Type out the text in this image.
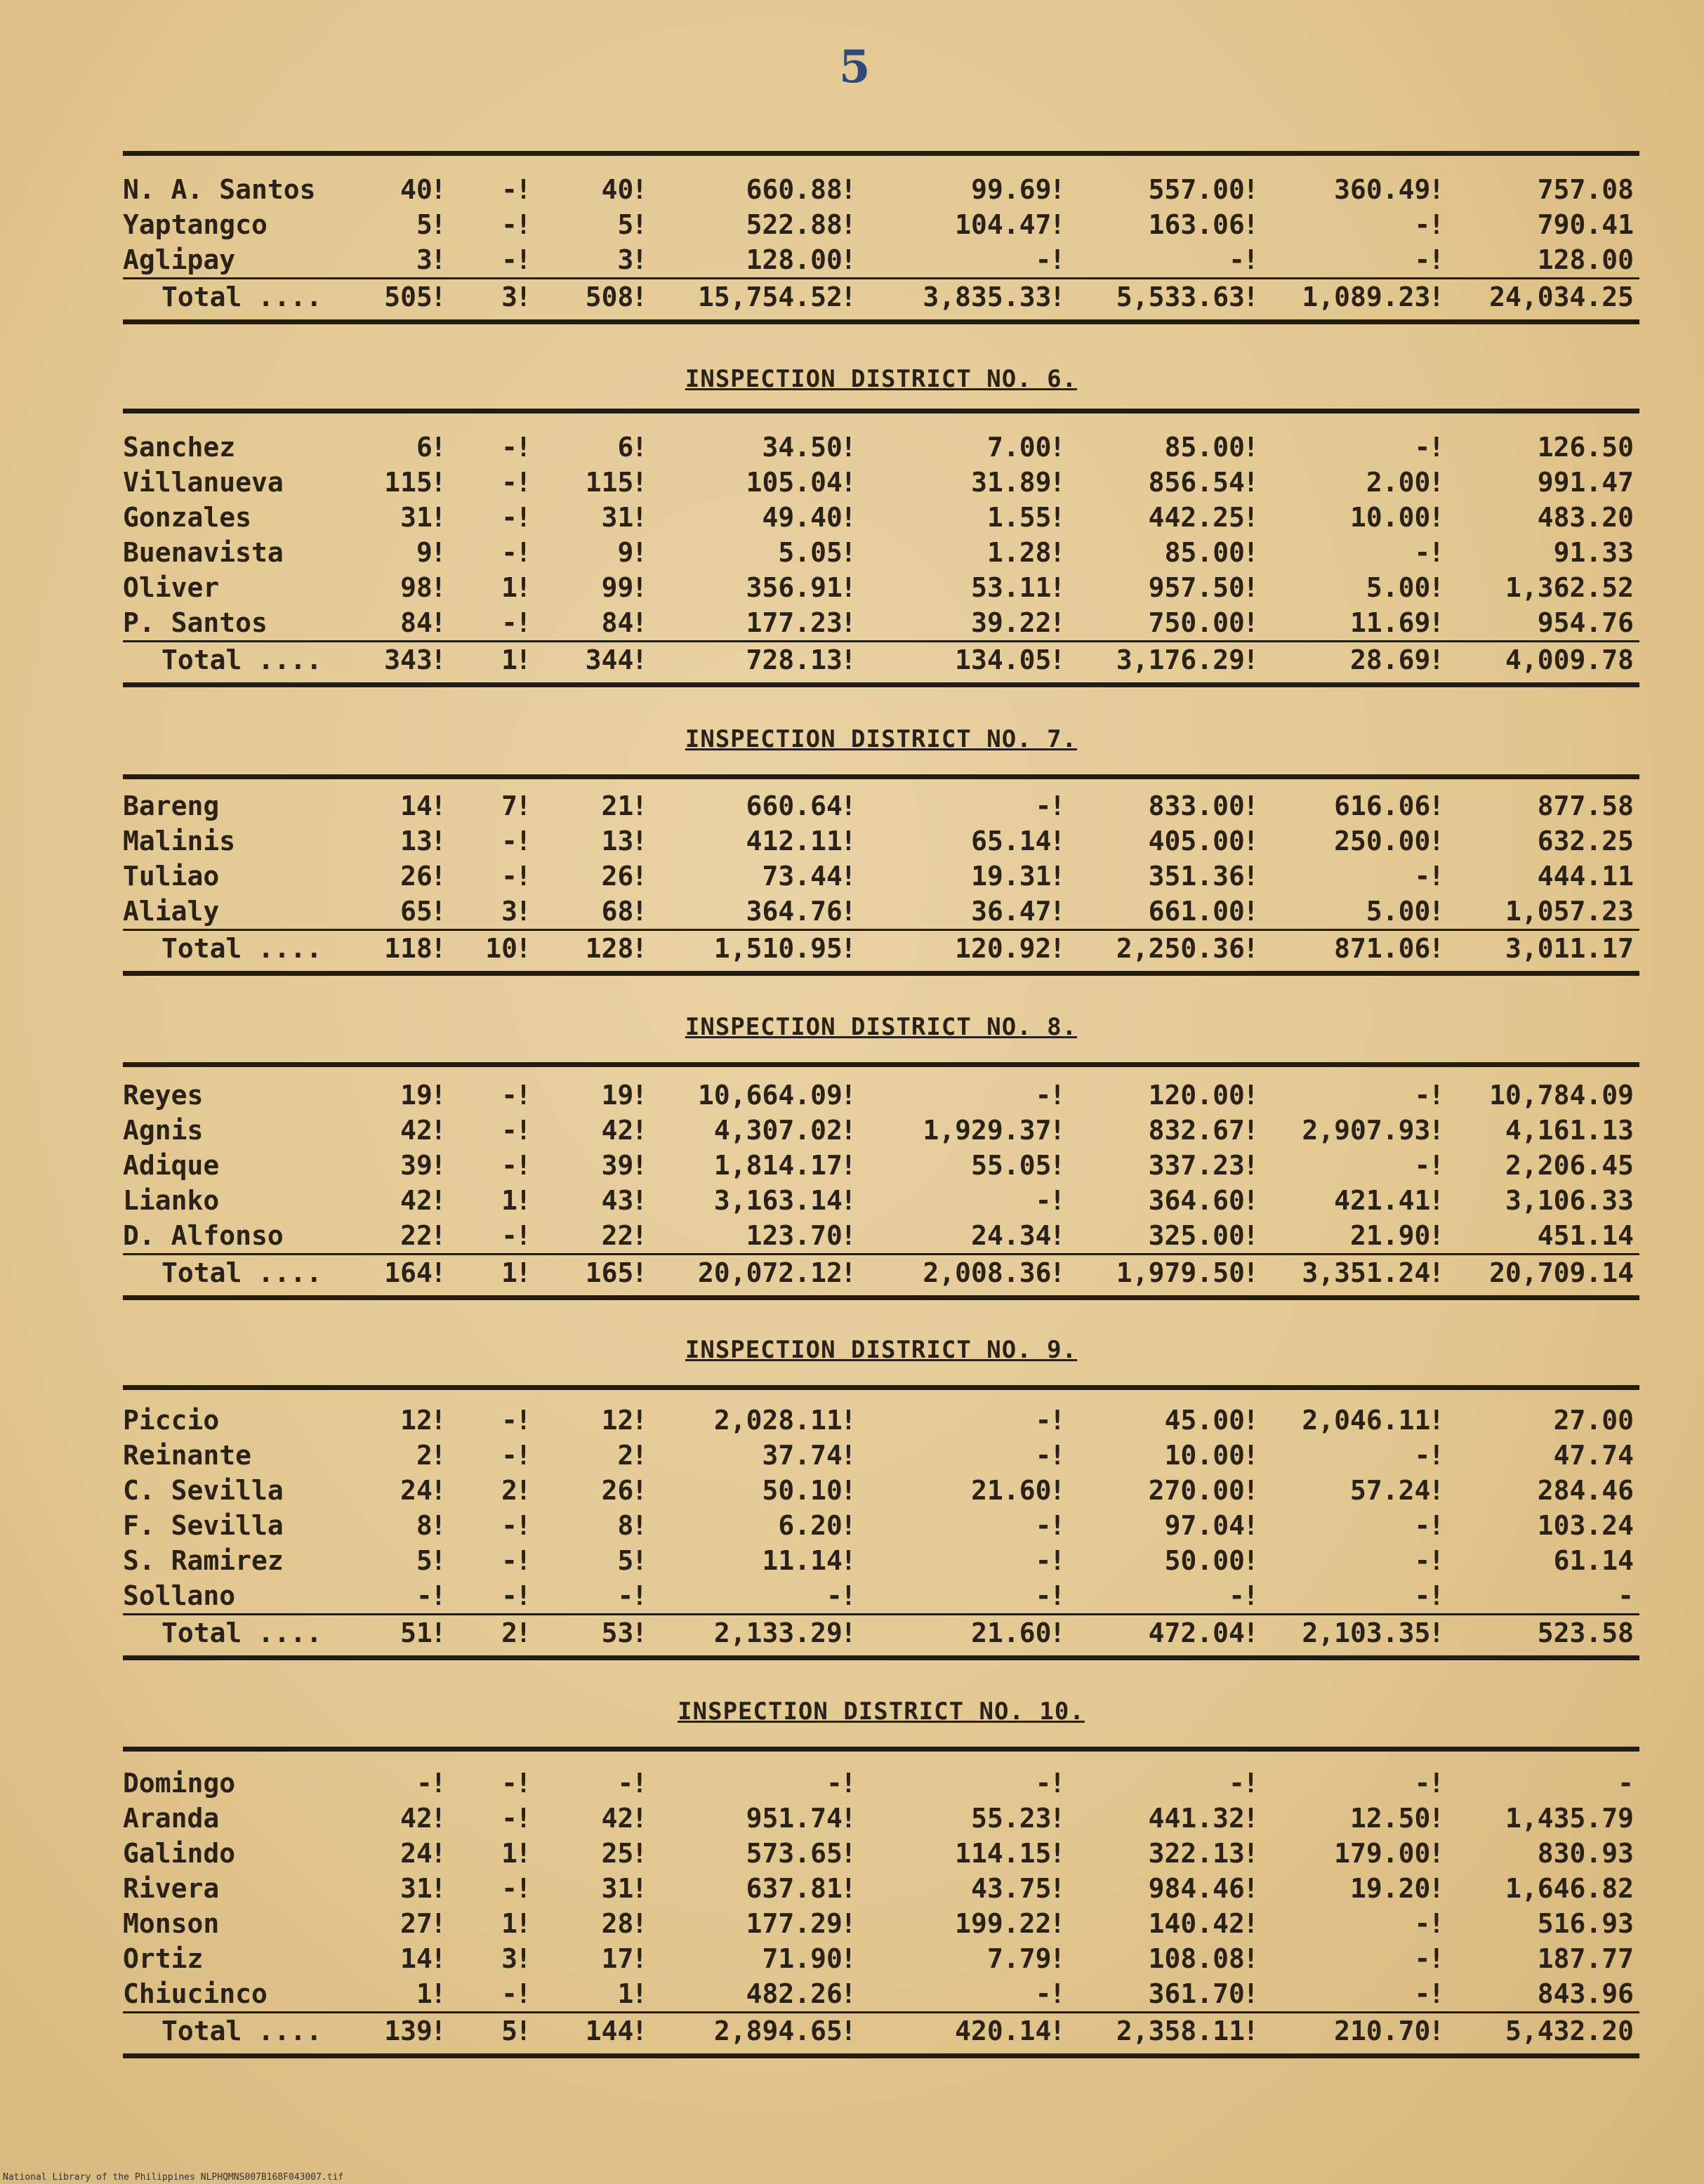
5
N. A. Santos	40 !	- !	40 !	660.88 !	99.69 !	557.00 !	360.49 !	757.08
Yaptangco	5 !	- !	5 !	522.88 !	104.47 !	163.06 !	- !	790.41
Aglipay	3 !	- !	3 !	128.00 !	- !	- !	- !	128.00
Total ....	505 !	3 !	508 !	15,754.52 !	3,835.33 !	5,533.63 !	1,089.23 !	24,034.25
INSPECTION DISTRICT NO. 6.
Sanchez	6 !	- !	6 !	34.50 !	7.00 !	85.00 !	- !	126.50
Villanueva	115 !	- !	115 !	105.04 !	31.89 !	856.54 !	2.00 !	991.47
Gonzales	31 !	- !	31 !	49.40 !	1.55 !	442.25 !	10.00 !	483.20
Buenavista	9 !	- !	9 !	5.05 !	1.28 !	85.00 !	- !	91.33
Oliver	98 !	1 !	99 !	356.91 !	53.11 !	957.50 !	5.00 !	1,362.52
P. Santos	84 !	- !	84 !	177.23 !	39.22 !	750.00 !	11.69 !	954.76
Total ....	343 !	1 !	344 !	728.13 !	134.05 !	3,176.29 !	28.69 !	4,009.78
INSPECTION DISTRICT NO. 7.
Bareng	14 !	7 !	21 !	660.64 !	- !	833.00 !	616.06 !	877.58
Malinis	13 !	- !	13 !	412.11 !	65.14 !	405.00 !	250.00 !	632.25
Tuliao	26 !	- !	26 !	73.44 !	19.31 !	351.36 !	- !	444.11
Alialy	65 !	3 !	68 !	364.76 !	36.47 !	661.00 !	5.00 !	1,057.23
Total ....	118 !	10 !	128 !	1,510.95 !	120.92 !	2,250.36 !	871.06 !	3,011.17
INSPECTION DISTRICT NO. 8.
Reyes	19 !	- !	19 !	10,664.09 !	- !	120.00 !	- !	10,784.09
Agnis	42 !	- !	42 !	4,307.02 !	1,929.37 !	832.67 !	2,907.93 !	4,161.13
Adique	39 !	- !	39 !	1,814.17 !	55.05 !	337.23 !	- !	2,206.45
Lianko	42 !	1 !	43 !	3,163.14 !	- !	364.60 !	421.41 !	3,106.33
D. Alfonso	22 !	- !	22 !	123.70 !	24.34 !	325.00 !	21.90 !	451.14
Total ....	164 !	1 !	165 !	20,072.12 !	2,008.36 !	1,979.50 !	3,351.24 !	20,709.14
INSPECTION DISTRICT NO. 9.
Piccio	12 !	- !	12 !	2,028.11 !	- !	45.00 !	2,046.11 !	27.00
Reinante	2 !	- !	2 !	37.74 !	- !	10.00 !	- !	47.74
C. Sevilla	24 !	2 !	26 !	50.10 !	21.60 !	270.00 !	57.24 !	284.46
F. Sevilla	8 !	- !	8 !	6.20 !	- !	97.04 !	- !	103.24
S. Ramirez	5 !	- !	5 !	11.14 !	- !	50.00 !	- !	61.14
Sollano	- !	- !	- !	- !	- !	- !	- !	-
Total ....	51 !	2 !	53 !	2,133.29 !	21.60 !	472.04 !	2,103.35 !	523.58
INSPECTION DISTRICT NO. 10.
Domingo	- !	- !	- !	- !	- !	- !	- !	-
Aranda	42 !	- !	42 !	951.74 !	55.23 !	441.32 !	12.50 !	1,435.79
Galindo	24 !	1 !	25 !	573.65 !	114.15 !	322.13 !	179.00 !	830.93
Rivera	31 !	- !	31 !	637.81 !	43.75 !	984.46 !	19.20 !	1,646.82
Monson	27 !	1 !	28 !	177.29 !	199.22 !	140.42 !	- !	516.93
Ortiz	14 !	3 !	17 !	71.90 !	7.79 !	108.08 !	- !	187.77
Chiucinco	1 !	- !	1 !	482.26 !	- !	361.70 !	- !	843.96
Total ....	139 !	5 !	144 !	2,894.65 !	420.14 !	2,358.11 !	210.70 !	5,432.20
National Library of the Philippines NLPHQMNS007B168F043007.tif
